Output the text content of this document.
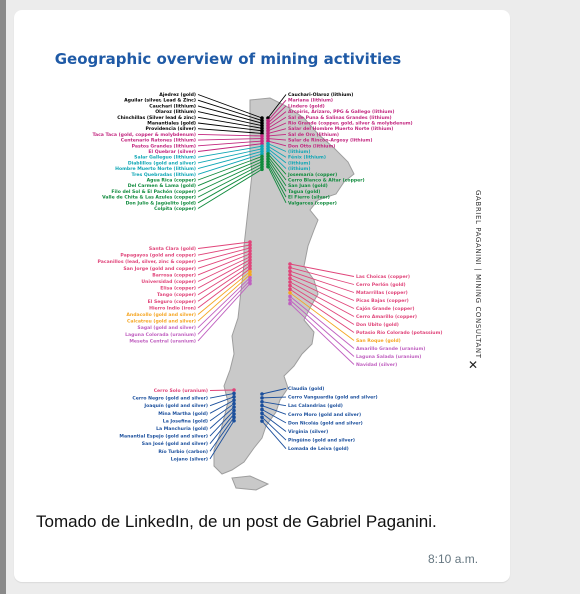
Geographic overview of mining activities
Ajedrez (gold)
Aguilar (silver, Lead & Zinc)
Cauchari (lithium)
Olaroz (lithium)
Chinchillas (Silver lead & zinc)
Manantiales (gold)
Providencia (silver)
Taca Taca (gold, copper & molybdenum)
Centenario Ratones (lithium)
Pastos Grandes (lithium)
El Quebrar (silver)
Salar Galleguo (lithium)
Diablillos (gold and silver)
Hombre Muerto Norte (lithium)
Tres Quebradas (lithium)
Agua Rica (copper)
Del Carmen & Lama (gold)
Filo del Sol & El Pachón (copper)
Valle de Chita & Las Azules (copper)
Don Julio & Jagüelito (gold)
Colpita (copper)
Cauchari-Olaroz (lithium)
Mariana (lithium)
Lindero (gold)
Arcoiris, Arizaro, PPG & Gallego (lithium)
Sal de Puna & Salinas Grandes (lithium)
Rio Grande (copper, gold, silver & molybdenum)
Salar del Hombre Muerto Norte (lithium)
Sal de Oro (lithium)
Salar de Rincón-Argosy (lithium)
Don Otto (lithium)
(lithium)
Fénix (lithium)
(lithium)
(lithium)
Josemaría (copper)
Cerro Blanco & Altar (copper)
San Juan (gold)
Tagua (gold)
El Fierro (silver)
Valgarces (copper)
Santa Clara (gold)
Papagayos (gold and copper)
Pacanillos (lead, silver, zinc & copper)
San Jorge (gold and copper)
Barrosa (copper)
Universidad (copper)
Elisa (copper)
Tango (copper)
El Seguro (copper)
Hierro Indio (iron)
Andacollo (gold and silver)
Calcatreu (gold and silver)
Sagal (gold and silver)
Laguna Colorada (uranium)
Meseta Central (uranium)
Las Choicas (copper)
Cerro Perlón (gold)
Matarrillas (copper)
Picas Bajas (copper)
Cajón Grande (copper)
Cerro Amarillo (copper)
Don Ubito (gold)
Potasio Río Colorado (potassium)
San Roque (gold)
Amarillo Grande (uranium)
Laguna Salada (uranium)
Navidad (silver)
Cerro Solo (uranium)
Cerro Negro (gold and silver)
Joaquín (gold and silver)
Mina Martha (gold)
La Josefina (gold)
La Manchuria (gold)
Manantial Espejo (gold and silver)
San José (gold and silver)
Río Turbio (carbon)
Lojano (silver)
Claudia (gold)
Cerro Vanguardia (gold and silver)
Las Calandrias (gold)
Cerro Moro (gold and silver)
Don Nicolás (gold and silver)
Virginia (silver)
Pingüino (gold and silver)
Lomada de Leiva (gold)
GABRIEL PAGANINI | MINING CONSULTANT
✕
Tomado de LinkedIn, de un post de Gabriel Paganini.
8:10 a.m.
